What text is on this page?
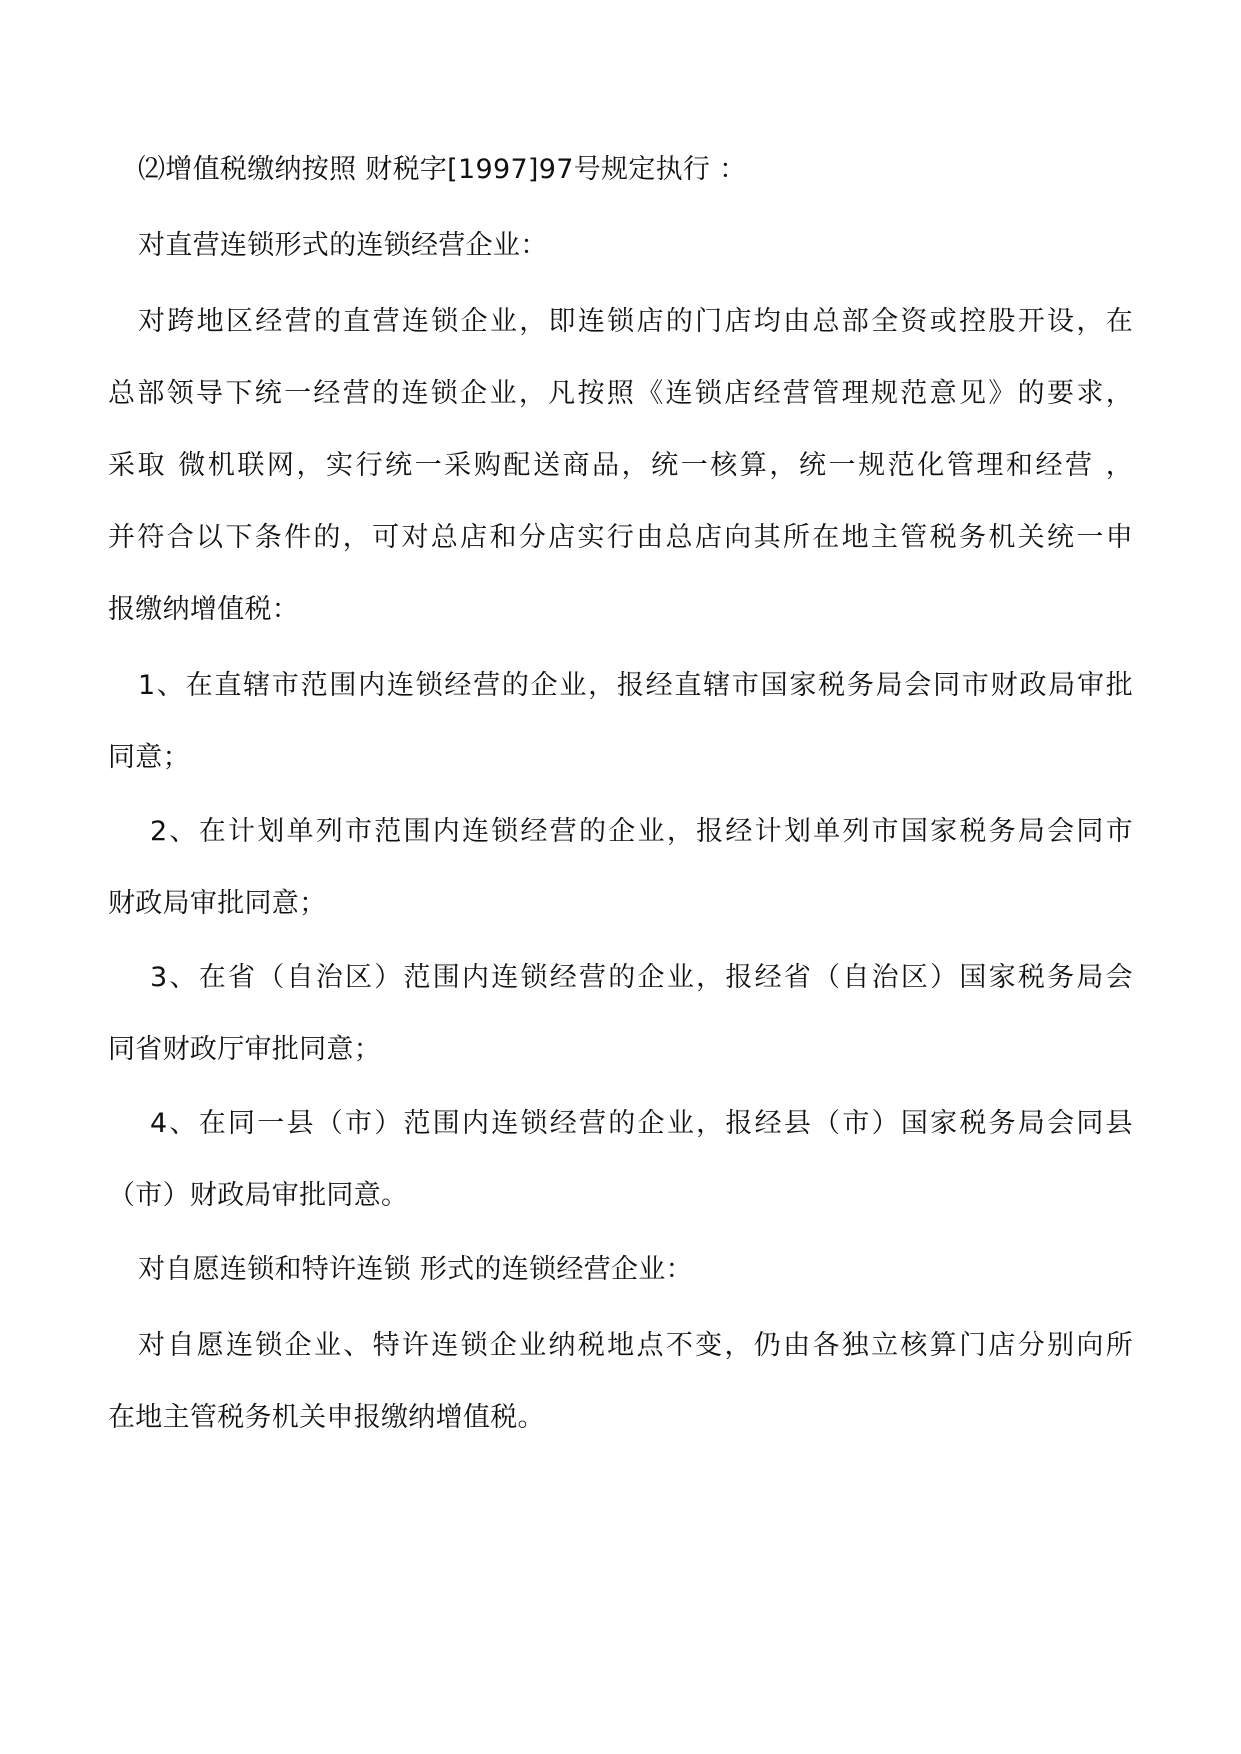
⑵增值税缴纳按照 财税字[1997]97号规定执行 ：
对直营连锁形式的连锁经营企业：
对跨地区经营的直营连锁企业，即连锁店的门店均由总部全资或控股开设，在
总部领导下统一经营的连锁企业，凡按照《连锁店经营管理规范意见》的要求，
采取 微机联网，实行统一采购配送商品，统一核算，统一规范化管理和经营 ，
并符合以下条件的，可对总店和分店实行由总店向其所在地主管税务机关统一申
报缴纳增值税：
1、在直辖市范围内连锁经营的企业，报经直辖市国家税务局会同市财政局审批
同意；
2、在计划单列市范围内连锁经营的企业，报经计划单列市国家税务局会同市
财政局审批同意；
3、在省（自治区）范围内连锁经营的企业，报经省（自治区）国家税务局会
同省财政厅审批同意；
4、在同一县（市）范围内连锁经营的企业，报经县（市）国家税务局会同县
（市）财政局审批同意。
对自愿连锁和特许连锁 形式的连锁经营企业：
对自愿连锁企业、特许连锁企业纳税地点不变，仍由各独立核算门店分别向所
在地主管税务机关申报缴纳增值税。
